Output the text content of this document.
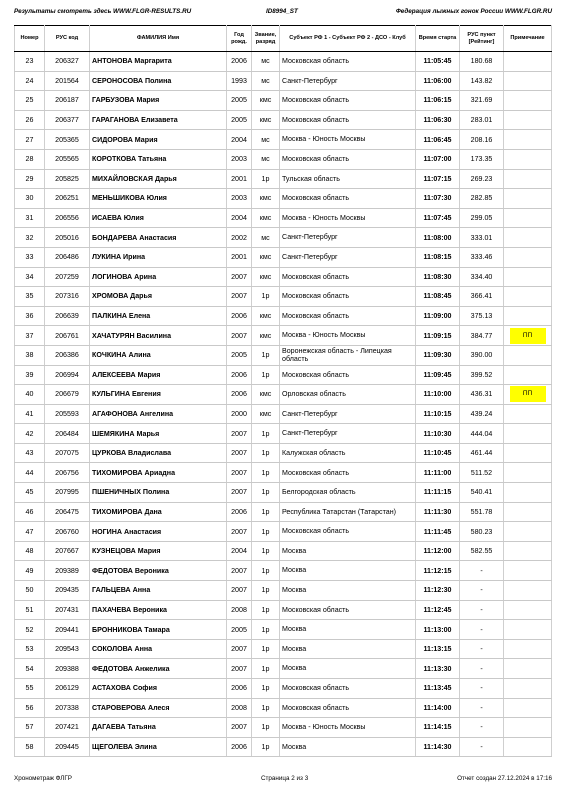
Результаты смотреть здесь WWW.FLGR-RESULTS.RU	ID8994_ST	Федерация лыжных гонок России WWW.FLGR.RU
Номер	РУС код	ФАМИЛИЯ Имя	Год рожд.	Звание, разряд	Субъект РФ 1 - Субъект РФ 2 - ДСО - Клуб	Время старта	РУС пункт [Рейтинг]	Примечание
23	206327	АНТОНОВА Маргарита	2006	мс	Московская область	11:05:45	180.68	
24	201564	СЕРОНОСОВА Полина	1993	мс	Санкт-Петербург	11:06:00	143.82	
25	206187	ГАРБУЗОВА Мария	2005	кмс	Московская область	11:06:15	321.69	
26	206377	ГАРАГАНОВА Елизавета	2005	кмс	Московская область	11:06:30	283.01	
27	205365	СИДОРОВА Мария	2004	мс	Москва - Юность Москвы	11:06:45	208.16	
28	205565	КОРОТКОВА Татьяна	2003	мс	Московская область	11:07:00	173.35	
29	205825	МИХАЙЛОВСКАЯ Дарья	2001	1р	Тульская область	11:07:15	269.23	
30	206251	МЕНЬШИКОВА Юлия	2003	кмс	Московская область	11:07:30	282.85	
31	206556	ИСАЕВА Юлия	2004	кмс	Москва - Юность Москвы	11:07:45	299.05	
32	205016	БОНДАРЕВА Анастасия	2002	мс	Санкт-Петербург	11:08:00	333.01	
33	206486	ЛУКИНА Ирина	2001	кмс	Санкт-Петербург	11:08:15	333.46	
34	207259	ЛОГИНОВА Арина	2007	кмс	Московская область	11:08:30	334.40	
35	207316	ХРОМОВА Дарья	2007	1р	Московская область	11:08:45	366.41	
36	206639	ПАЛКИНА Елена	2006	кмс	Московская область	11:09:00	375.13	
37	206761	ХАЧАТУРЯН Василина	2007	кмс	Москва - Юность Москвы	11:09:15	384.77	ПП
38	206386	КОЧКИНА Алина	2005	1р	Воронежская область - Липецкая область	11:09:30	390.00	
39	206994	АЛЕКСЕЕВА Мария	2006	1р	Московская область	11:09:45	399.52	
40	206679	КУЛЬГИНА Евгения	2006	кмс	Орловская область	11:10:00	436.31	ПП
41	205593	АГАФОНОВА Ангелина	2000	кмс	Санкт-Петербург	11:10:15	439.24	
42	206484	ШЕМЯКИНА Марья	2007	1р	Санкт-Петербург	11:10:30	444.04	
43	207075	ЦУРКОВА Владислава	2007	1р	Калужская область	11:10:45	461.44	
44	206756	ТИХОМИРОВА Ариадна	2007	1р	Московская область	11:11:00	511.52	
45	207995	ПШЕНИЧНЫХ Полина	2007	1р	Белгородская область	11:11:15	540.41	
46	206475	ТИХОМИРОВА Дана	2006	1р	Республика Татарстан (Татарстан)	11:11:30	551.78	
47	206760	НОГИНА Анастасия	2007	1р	Московская область	11:11:45	580.23	
48	207667	КУЗНЕЦОВА Мария	2004	1р	Москва	11:12:00	582.55	
49	209389	ФЕДОТОВА Вероника	2007	1р	Москва	11:12:15	-	
50	209435	ГАЛЬЦЕВА Анна	2007	1р	Москва	11:12:30	-	
51	207431	ПАХАЧЕВА Вероника	2008	1р	Московская область	11:12:45	-	
52	209441	БРОННИКОВА Тамара	2005	1р	Москва	11:13:00	-	
53	209543	СОКОЛОВА Анна	2007	1р	Москва	11:13:15	-	
54	209388	ФЕДОТОВА Анжелика	2007	1р	Москва	11:13:30	-	
55	206129	АСТАХОВА София	2006	1р	Московская область	11:13:45	-	
56	207338	СТАРОВЕРОВА Алеся	2008	1р	Московская область	11:14:00	-	
57	207421	ДАГАЕВА Татьяна	2007	1р	Москва - Юность Москвы	11:14:15	-	
58	209445	ЩЕГОЛЕВА Элина	2006	1р	Москва	11:14:30	-	
Хронометраж ФЛГР	Страница 2 из 3	Отчет создан 27.12.2024 в 17:16
